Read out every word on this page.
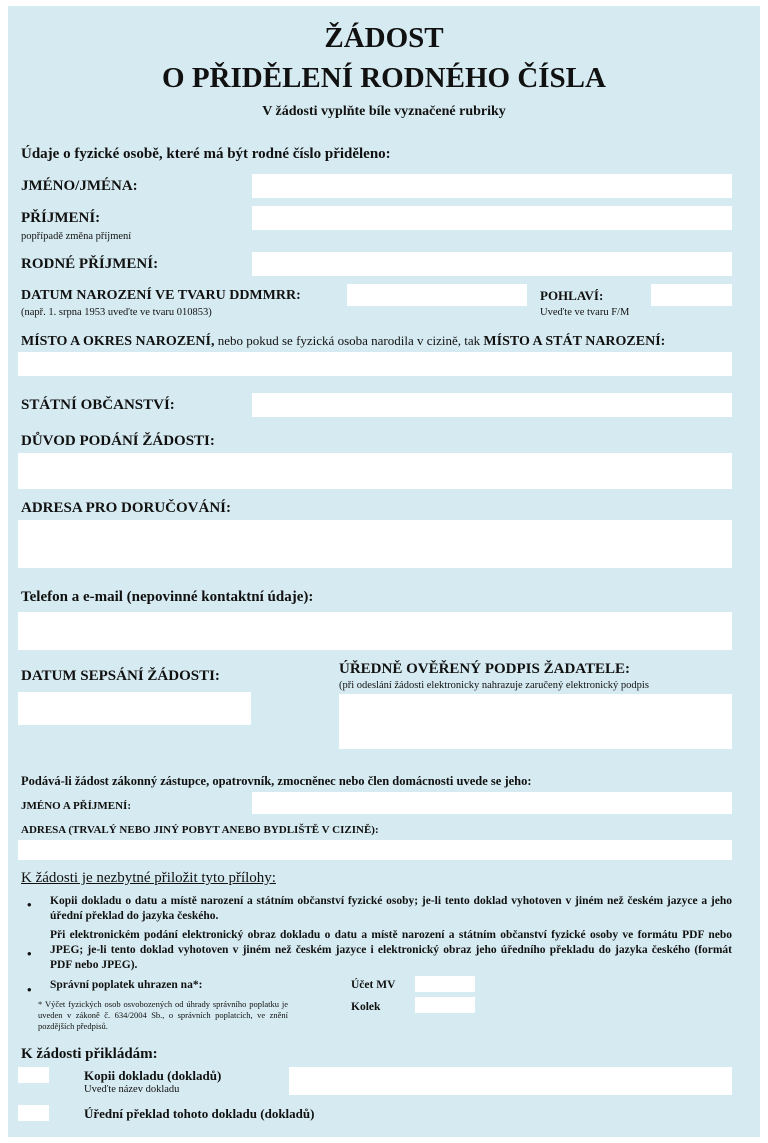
ŽÁDOST
O PŘIDĚLENÍ RODNÉHO ČÍSLA
V žádosti vyplňte bíle vyznačené rubriky
Údaje o fyzické osobě, které má být rodné číslo přiděleno:
JMÉNO/JMÉNA:
PŘÍJMENÍ:
popřípadě změna příjmení
RODNÉ PŘÍJMENÍ:
DATUM NAROZENÍ VE TVARU DDMMRR:
(např. 1. srpna 1953 uveďte ve tvaru 010853)
POHLAVÍ:
Uveďte ve tvaru F/M
MÍSTO A OKRES NAROZENÍ, nebo pokud se fyzická osoba narodila v cizině, tak MÍSTO A STÁT NAROZENÍ:
STÁTNÍ OBČANSTVÍ:
DŮVOD PODÁNÍ ŽÁDOSTI:
ADRESA PRO DORUČOVÁNÍ:
Telefon a e-mail (nepovinné kontaktní údaje):
DATUM SEPSÁNÍ ŽÁDOSTI:	ÚŘEDNĚ OVĚŘENÝ PODPIS ŽADATELE:
(při odeslání žádosti elektronicky nahrazuje zaručený elektronický podpis
Podává-li žádost zákonný zástupce, opatrovník, zmocněnec nebo člen domácnosti uvede se jeho:
JMÉNO A PŘÍJMENÍ:
ADRESA (TRVALÝ NEBO JINÝ POBYT ANEBO BYDLIŠTĚ V CIZINĚ):
K žádosti je nezbytné přiložit tyto přílohy:
• Kopii dokladu o datu a místě narození a státním občanství fyzické osoby; je-li tento doklad vyhotoven v jiném než českém jazyce a jeho úřední překlad do jazyka českého.
•
Při elektronickém podání elektronický obraz dokladu o datu a místě narození a státním občanství fyzické osoby ve formátu PDF nebo JPEG; je-li tento doklad vyhotoven v jiném než českém jazyce i elektronický obraz jeho úředního překladu do jazyka českého (formát PDF nebo JPEG).
• Správní poplatek uhrazen na*:	Účet MV
Kolek
* Výčet fyzických osob osvobozených od úhrady správního poplatku je uveden v zákoně č. 634/2004 Sb., o správních poplatcích, ve znění pozdějších předpisů.
K žádosti přikládám:
Kopii dokladu (dokladů)
Uveďte název dokladu
Úřední překlad tohoto dokladu (dokladů)
